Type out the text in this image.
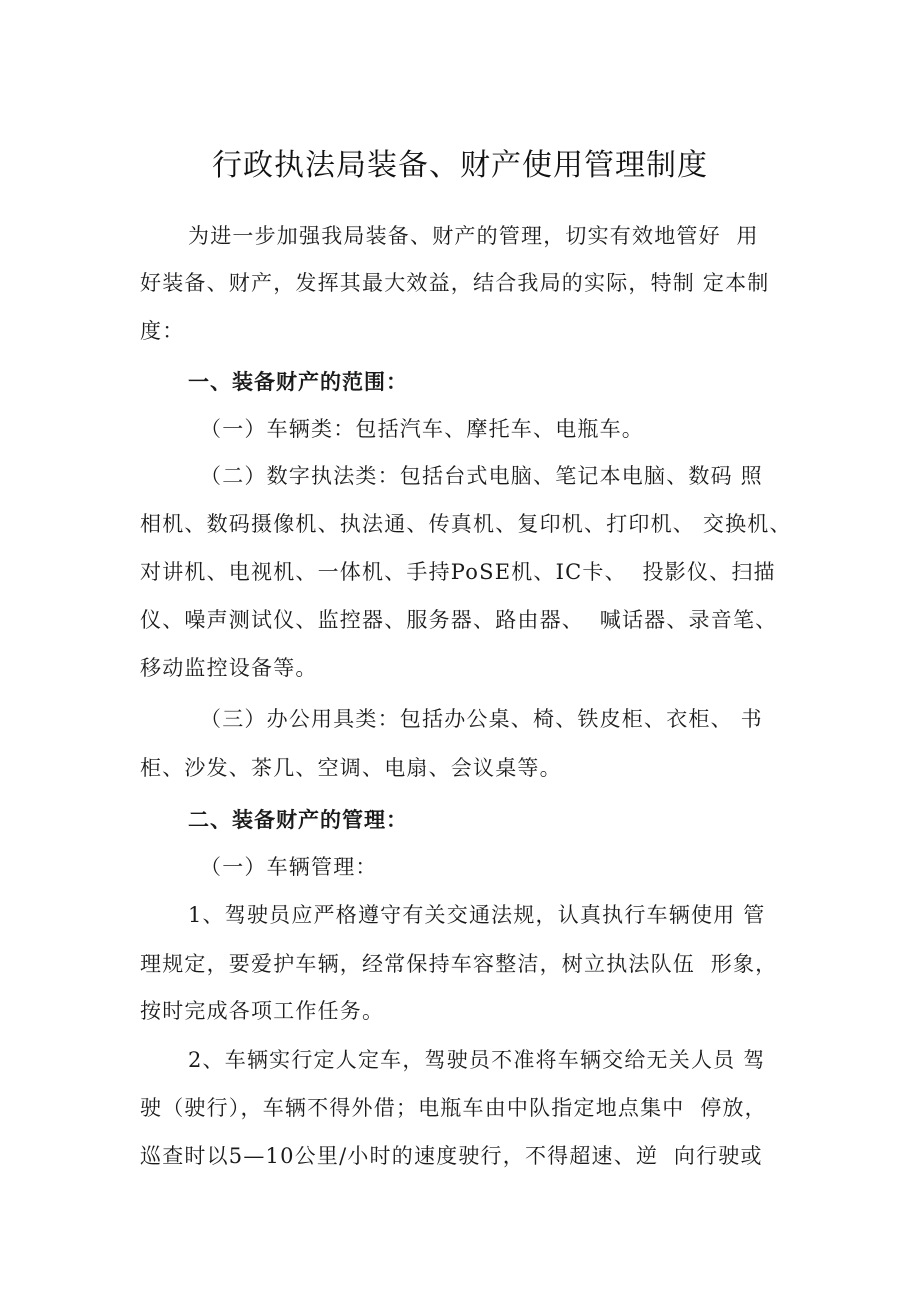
行政执法局装备、财产使用管理制度
为进一步加强我局装备、财产的管理，切实有效地管好  用
好装备、财产，发挥其最大效益，结合我局的实际，特制 定本制
度：
一、装备财产的范围：
（一）车辆类：包括汽车、摩托车、电瓶车。
（二）数字执法类：包括台式电脑、笔记本电脑、数码 照
相机、数码摄像机、执法通、传真机、复印机、打印机、 交换机、
对讲机、电视机、一体机、手持PoSE机、IC卡、  投影仪、扫描
仪、噪声测试仪、监控器、服务器、路由器、  喊话器、录音笔、
移动监控设备等。
（三）办公用具类：包括办公桌、椅、铁皮柜、衣柜、 书
柜、沙发、茶几、空调、电扇、会议桌等。
二、装备财产的管理：
（一）车辆管理：
1、驾驶员应严格遵守有关交通法规，认真执行车辆使用 管
理规定，要爱护车辆，经常保持车容整洁，树立执法队伍  形象，
按时完成各项工作任务。
2、车辆实行定人定车，驾驶员不准将车辆交给无关人员 驾
驶（驶行），车辆不得外借；电瓶车由中队指定地点集中  停放，
巡查时以5—10公里/小时的速度驶行，不得超速、逆  向行驶或
